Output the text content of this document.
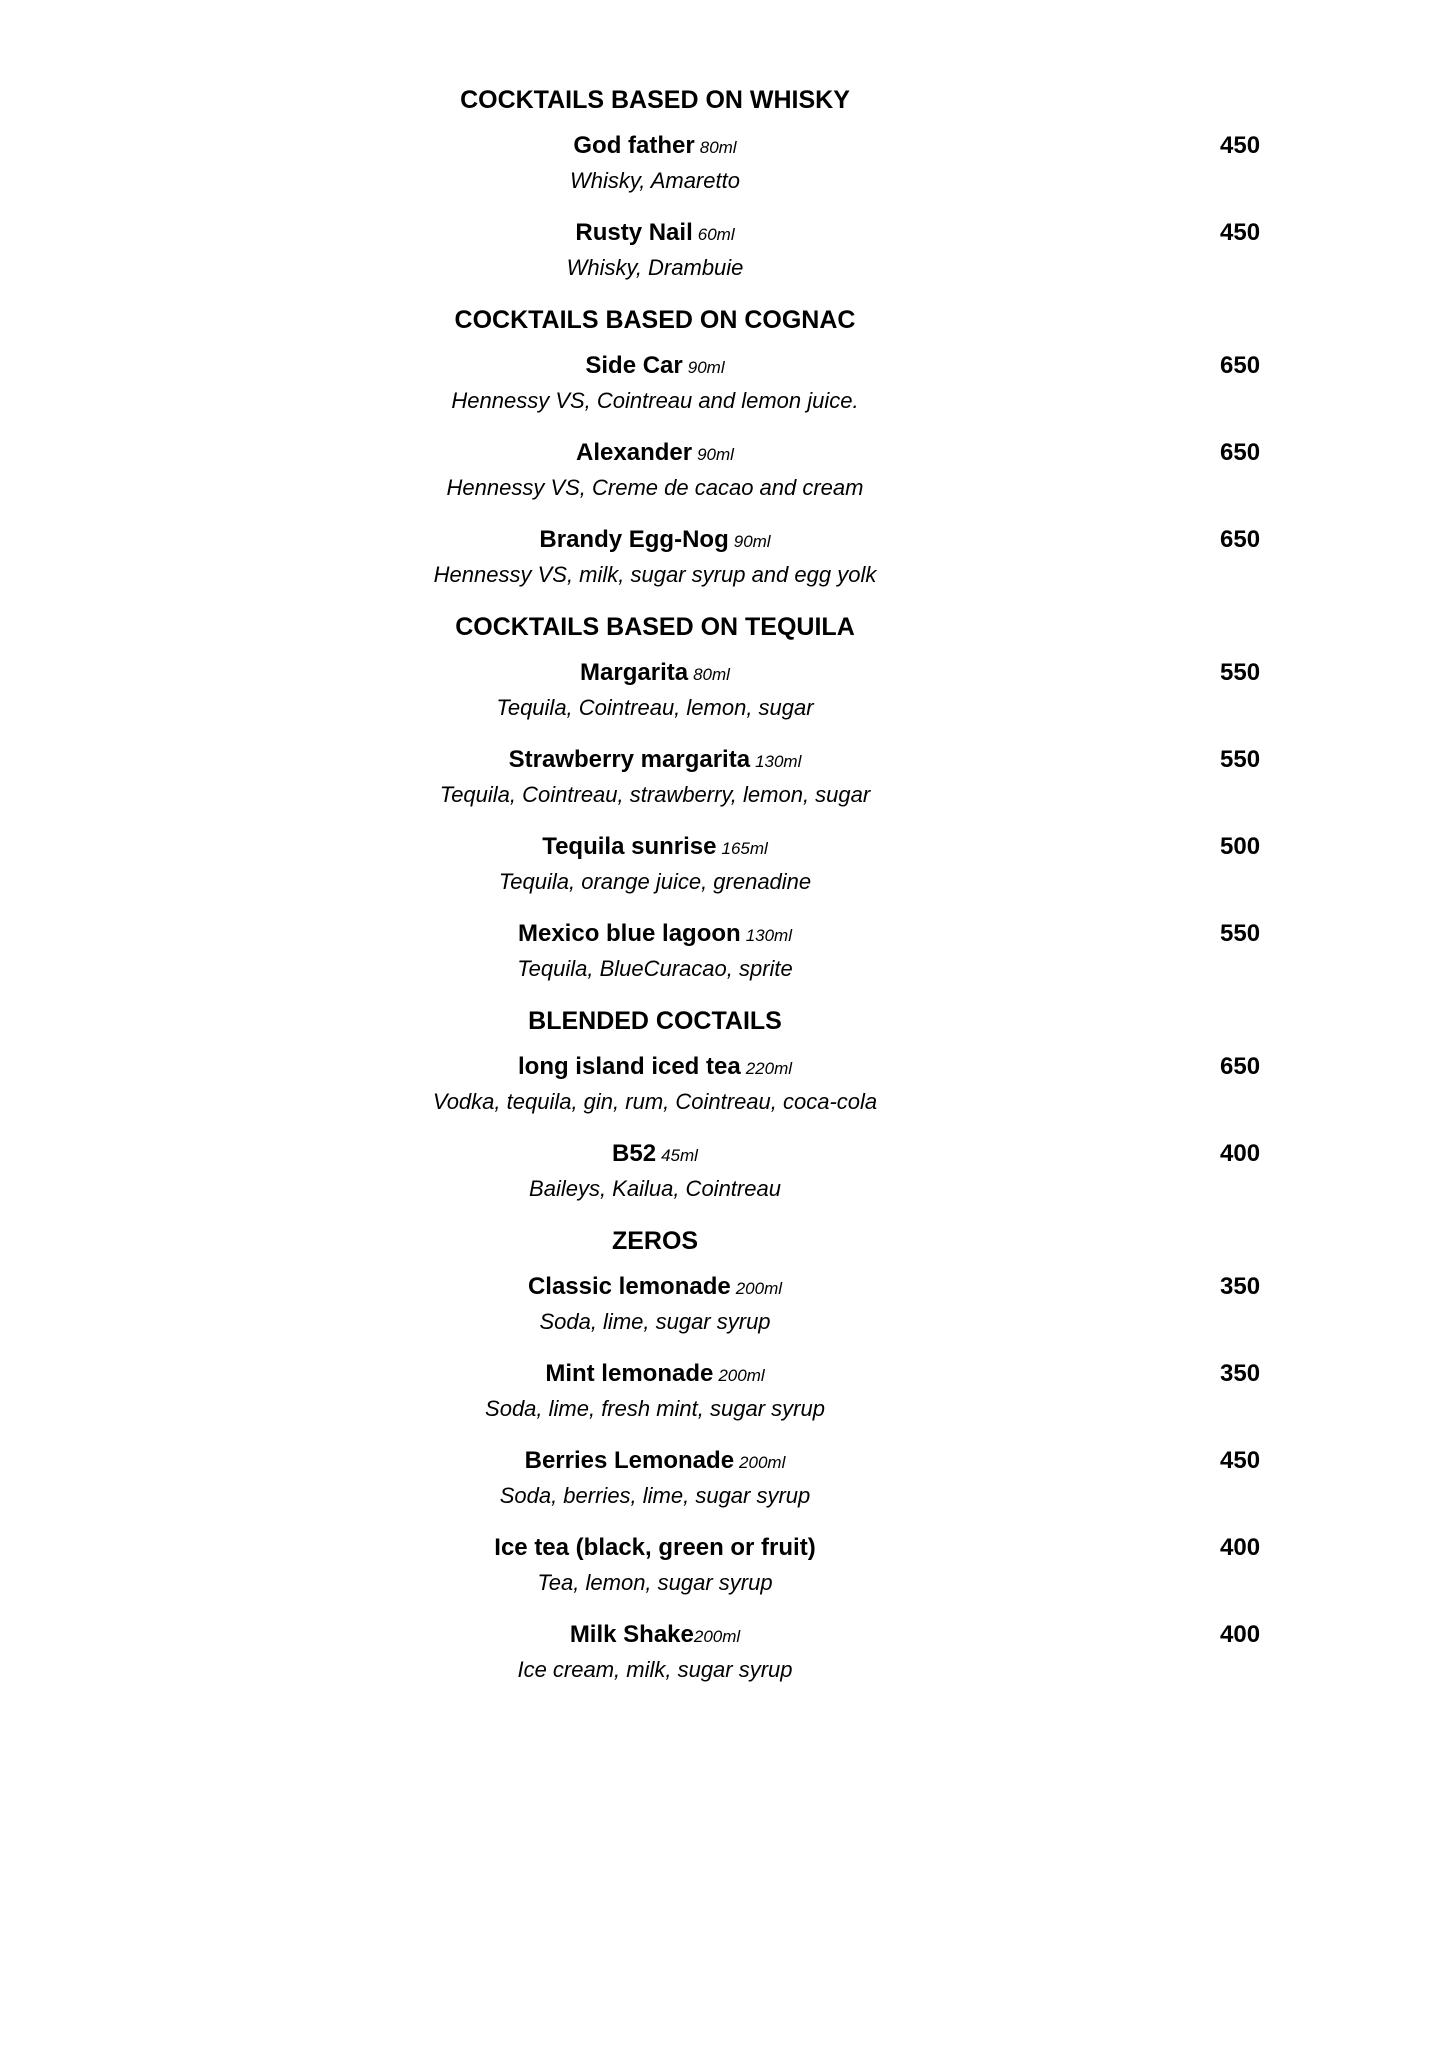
COCKTAILS BASED ON WHISKY
God father 80ml
Whisky, Amaretto
450
Rusty Nail 60ml
Whisky, Drambuie
450
COCKTAILS BASED ON COGNAC
Side Car 90ml
Hennessy VS, Cointreau and lemon juice.
650
Alexander 90ml
Hennessy VS, Creme de cacao and cream
650
Brandy Egg-Nog 90ml
Hennessy VS, milk, sugar syrup and egg yolk
650
COCKTAILS BASED ON TEQUILA
Margarita 80ml
Tequila, Cointreau, lemon, sugar
550
Strawberry margarita 130ml
Tequila, Cointreau, strawberry, lemon, sugar
550
Tequila sunrise 165ml
Tequila, orange juice, grenadine
500
Mexico blue lagoon 130ml
Tequila, BlueCuracao, sprite
550
BLENDED COCTAILS
long island iced tea 220ml
Vodka, tequila, gin, rum, Cointreau, coca-cola
650
B52 45ml
Baileys, Kailua, Cointreau
400
ZEROS
Classic lemonade 200ml
Soda, lime, sugar syrup
350
Mint lemonade 200ml
Soda, lime, fresh mint, sugar syrup
350
Berries Lemonade 200ml
Soda, berries, lime, sugar syrup
450
Ice tea (black, green or fruit)
Tea, lemon, sugar syrup
400
Milk Shake200ml
Ice cream, milk, sugar syrup
400
